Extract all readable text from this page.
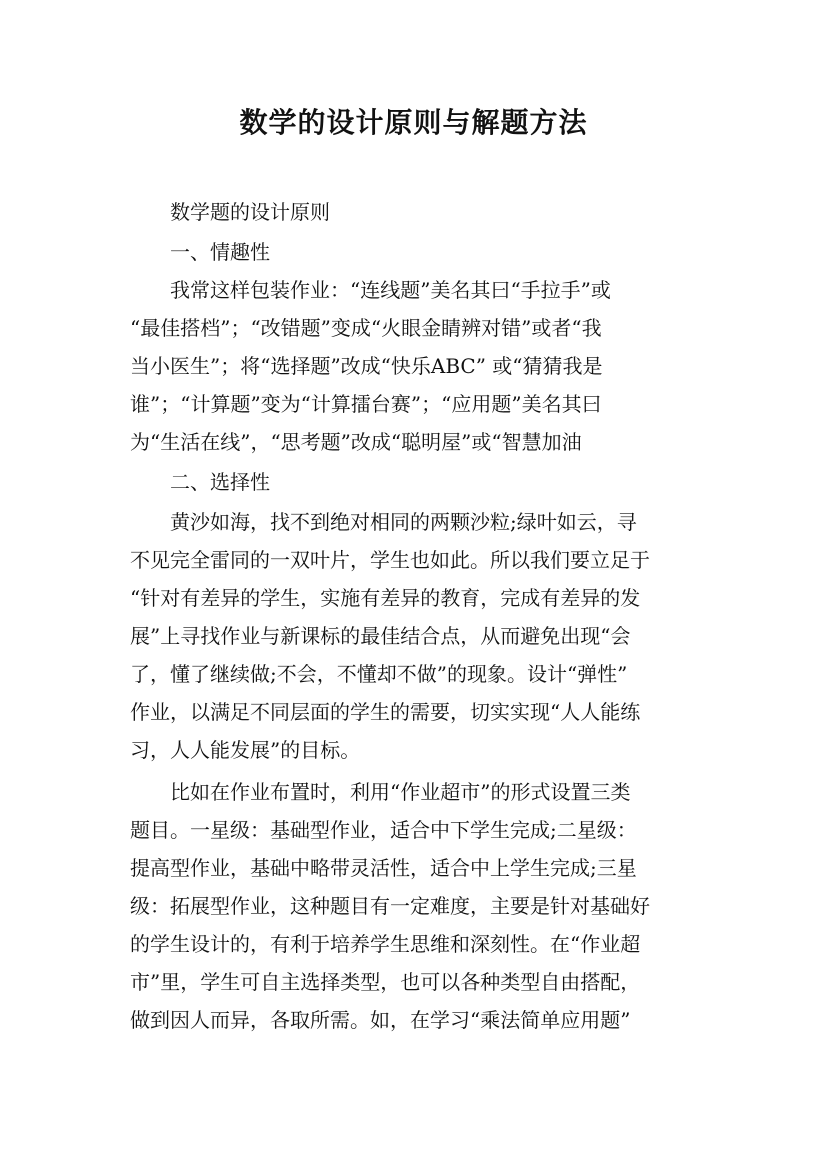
数学的设计原则与解题方法

数学题的设计原则

一、情趣性

我常这样包装作业：“连线题”美名其曰“手拉手”或

“最佳搭档”；“改错题”变成“火眼金睛辨对错”或者“我

当小医生”；将“选择题”改成“快乐ABC” 或“猜猜我是

谁”；“计算题”变为“计算擂台赛”；“应用题”美名其曰

为“生活在线”，“思考题”改成“聪明屋”或“智慧加油

二、选择性

黄沙如海，找不到绝对相同的两颗沙粒;绿叶如云，寻

不见完全雷同的一双叶片，学生也如此。所以我们要立足于

“针对有差异的学生，实施有差异的教育，完成有差异的发

展”上寻找作业与新课标的最佳结合点，从而避免出现“会

了，懂了继续做;不会，不懂却不做”的现象。设计“弹性”

作业，以满足不同层面的学生的需要，切实实现“人人能练

习，人人能发展”的目标。

比如在作业布置时，利用“作业超市”的形式设置三类

题目。一星级：基础型作业，适合中下学生完成;二星级：

提高型作业，基础中略带灵活性，适合中上学生完成;三星

级：拓展型作业，这种题目有一定难度，主要是针对基础好

的学生设计的，有利于培养学生思维和深刻性。在“作业超

市”里，学生可自主选择类型，也可以各种类型自由搭配，

做到因人而异，各取所需。如，在学习“乘法简单应用题”
